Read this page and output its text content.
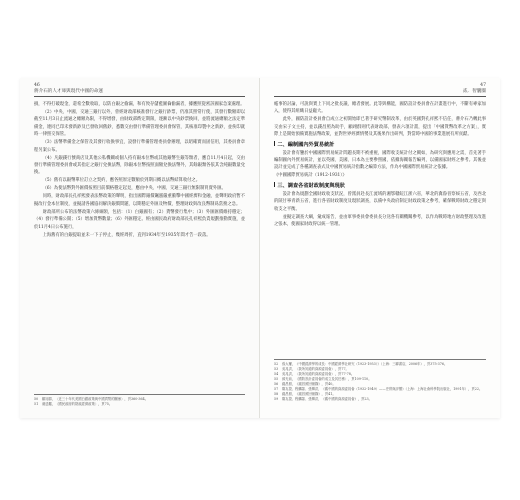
46
蔣介石的人才庫與現代中國的命運

損，不得打破現金，還希全數收取，以防白銀之偷漏，和有致存儲藍圖倫偷漏者，據應照從密該國家急案處理。

（2）中央、中國、交通三銀行以外，曾經財政部核准發行之銀行鈔票，仍准其照常行使，其發行數額即以截至11月3日止流通之總額為限，不得增發，由財政部酌定期限，逐漸以中央鈔票換回，並將流通總額之法定準備金，連同已印未發新鈔及已發收回舊鈔，悉數交由發行準備管理委員會保管，其核准印製中之新鈔，並俟印就時一律照交保管。

（3）法幣準備金之保管及其發行收換事宜，設發行準備管理委員會辦理，以昭確實而固信用，其委員會章程另案公布。

（4）凡銀錢行號商店及其他公私機關或個人持有銀本位幣或其他銀幣生銀等類者，應自11月4日起，交由發行準備管理委員會或其指定之銀行兌換法幣，除銀本位幣按照面額兌換法幣外，其餘銀類各依其含純銀數量兌換。

（5）舊有以銀幣單位訂立之契約，應各照原定數額於到期日概以法幣結算收付之。

（6）為使法幣對外匯價按照目前價格穩定起見，應由中央、中國、交通三銀行無限制買賣外匯。

同時，財政部長孔祥熙發表法幣政策的聲明，指出國際銀價飆漲嚴重衝擊中國經濟和金融，並聲明政府暫不擬改行金本位制度，並擬請各國協同解決銀價問題，以期穩定外匯及物價，整理財政與改良幣制爲當務之急。

財政部所公布的法幣政策六條綱領，包括：（1）白銀國有；（2）貨幣發行集中；（3）外匯匯價維持穩定；（4）發行準備公開；（5）增加貨幣數量；（6）外匯穩定。經由國民政府財政部長孔祥熙負責規劃推動實施，並於11月4日公布施行，

上海舊有的白銀提取並未一下子停止，幾經周折，直到1934年至1935年間才告一段落。

50	顧翊群，〈近三十年代美國白銀政策與中國貨幣的關係〉，頁360-364。
51	蔣廷黻，〈國民政府的財政經濟政策〉，頁75。
47
貳．智囊團

帳事的討論，可說與實上下同之批長議，總者發展。此等與構能，國防設計委員會在計畫進行中，不斷有專家加入，使得其組織日益龐大。

此外，國防設計委員會自成立之初開始即已著手研究幣制改革，由於英國對孔祥熙不信任，蔣介石乃轉此事交由宋子文主持，並以錢昌照為助手，顧翊群則代表財政部，發表六項計畫，提出「中國貨幣改革之方案」，實際上是開始預備實施法幣政策，並對世界經濟情勢及其後果作出研判，對當時中國的事業進展有所貢獻。

二、編制國內外貿易統計

設計會有鑒於中國國際貿易統計問題長期不被重視，國際收支統計付之闕如，為研究與應用之需，首先著手編制國內外貿易統計，並以英國、美國、日本為主要參照國，依據海關報告編列，以備國家財經之參考。其後並設計並完成了各種調查表式及中國貿易統計指數之編算方法，作為中國國際貿易統計之依據。

《中國國際貿易統計（1912-1931）》

三、調查各省財政制度與現狀

設計會為規劃全國財政收支狀況，曾派員赴長江流域的湘鄂贛皖江浙六省，華北的冀魯晉察綏五省，及西北的陝甘寧青新五省，進行各省財政制度及現狀調查，以備中央政府制定財政政策之參考，確保戰時財政之穩定與收支之平衡。

並擬定調查大綱，彙成報告，並由軍事委員會委員長分送各有關機關參考，以作為戰時地方財政整理及改進之張本，使國家財政得以統一管理。

52	孫大權，《中國經濟學的成長：中國經濟學社研究（1923-1953）》（上海：三聯書店，2006年），頁375-376。
53	吳兆洪，〈我所知道的資源委員會〉，頁77。
54	吳兆洪，〈我所知道的資源委員會〉，頁77-78。
55	薛光前，〈國防設計委員會的成立及其任務〉，頁109-110。
56	錢昌照，《錢昌照回憶錄》，頁40。
57	鄭友揆、程麟蓀、張傳洪，《舊中國的資源委員會（1932-1949）——史實與評價》（上海：上海社會科學院出版社，1991年），頁22。
58	錢昌照，《錢昌照回憶錄》，頁41。
59	鄭友揆、程麟蓀、張傳洪，《舊中國的資源委員會》，頁23。
